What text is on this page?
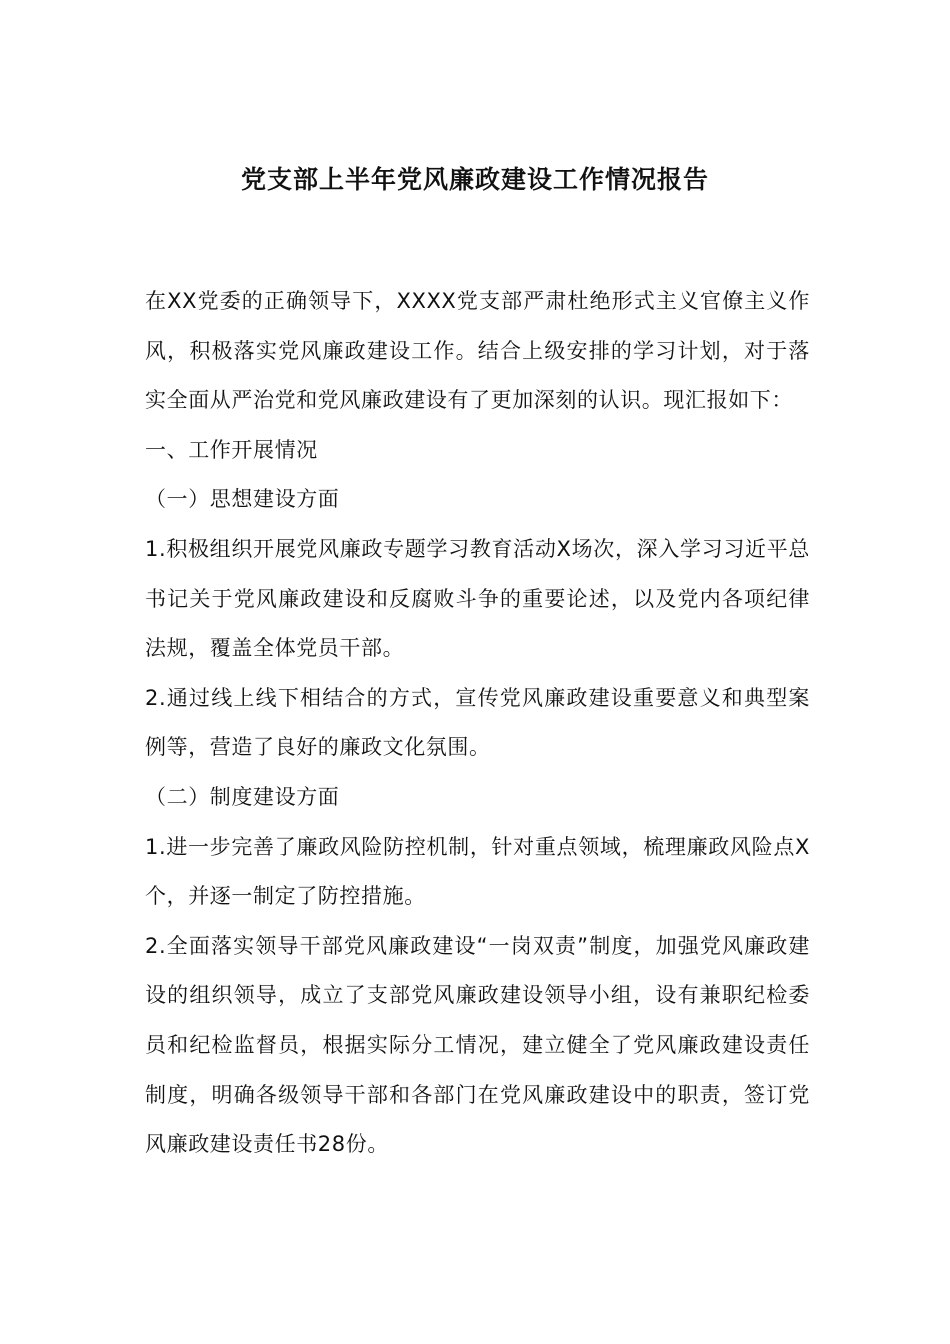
党支部上半年党风廉政建设工作情况报告

在XX党委的正确领导下，XXXX党支部严肃杜绝形式主义官僚主义作风，积极落实党风廉政建设工作。结合上级安排的学习计划，对于落实全面从严治党和党风廉政建设有了更加深刻的认识。现汇报如下：

一、工作开展情况

（一）思想建设方面

1.积极组织开展党风廉政专题学习教育活动X场次，深入学习习近平总书记关于党风廉政建设和反腐败斗争的重要论述，以及党内各项纪律法规，覆盖全体党员干部。

2.通过线上线下相结合的方式，宣传党风廉政建设重要意义和典型案例等，营造了良好的廉政文化氛围。

（二）制度建设方面

1.进一步完善了廉政风险防控机制，针对重点领域，梳理廉政风险点X个，并逐一制定了防控措施。

2.全面落实领导干部党风廉政建设“一岗双责”制度，加强党风廉政建设的组织领导，成立了支部党风廉政建设领导小组，设有兼职纪检委员和纪检监督员，根据实际分工情况，建立健全了党风廉政建设责任制度，明确各级领导干部和各部门在党风廉政建设中的职责，签订党风廉政建设责任书28份。
